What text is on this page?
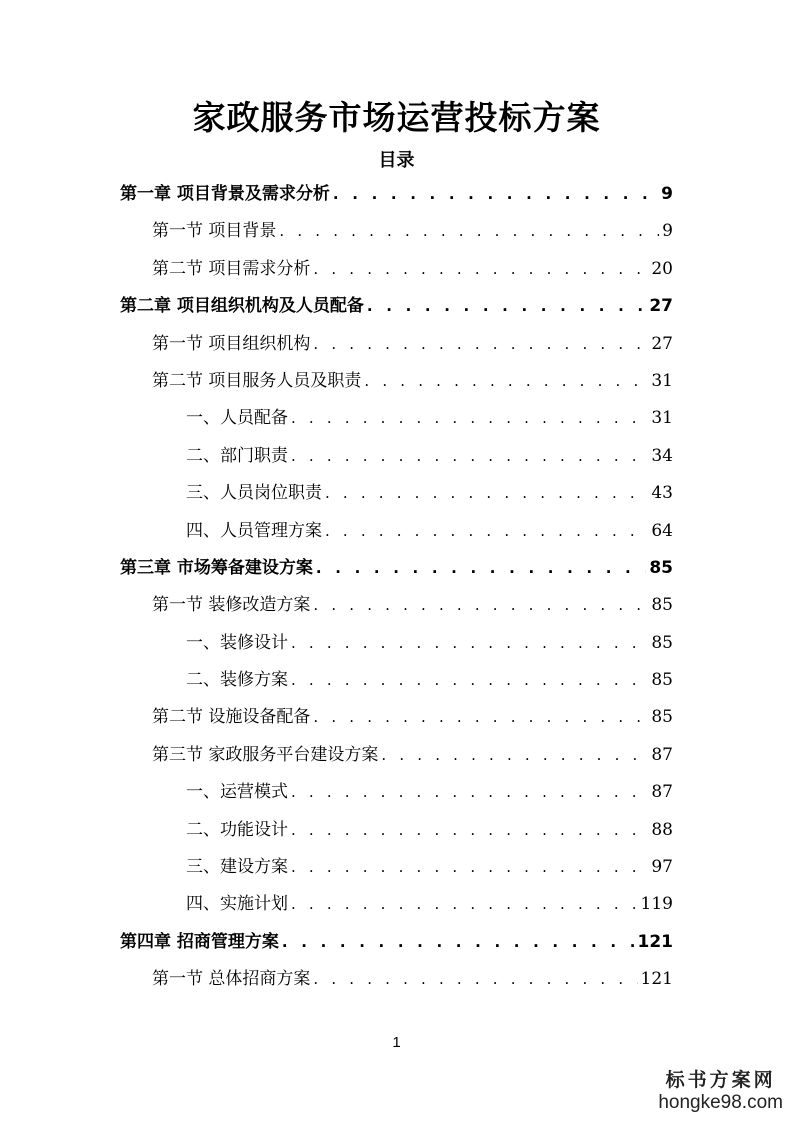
家政服务市场运营投标方案
目录
第一章 项目背景及需求分析 . . .	9
第一节 项目背景 . . .	9
第二节 项目需求分析 . . .	20
第二章 项目组织机构及人员配备 . . .	27
第一节 项目组织机构 . . .	27
第二节 项目服务人员及职责 . . .	31
一、人员配备 . . .	31
二、部门职责 . . .	34
三、人员岗位职责 . . .	43
四、人员管理方案 . . .	64
第三章 市场筹备建设方案 . . .	85
第一节 装修改造方案 . . .	85
一、装修设计 . . .	85
二、装修方案 . . .	85
第二节 设施设备配备 . . .	85
第三节 家政服务平台建设方案 . . .	87
一、运营模式 . . .	87
二、功能设计 . . .	88
三、建设方案 . . .	97
四、实施计划 . . .	119
第四章 招商管理方案 . . .	121
第一节 总体招商方案 . . .	121
1
标书方案网
hongke98.com
